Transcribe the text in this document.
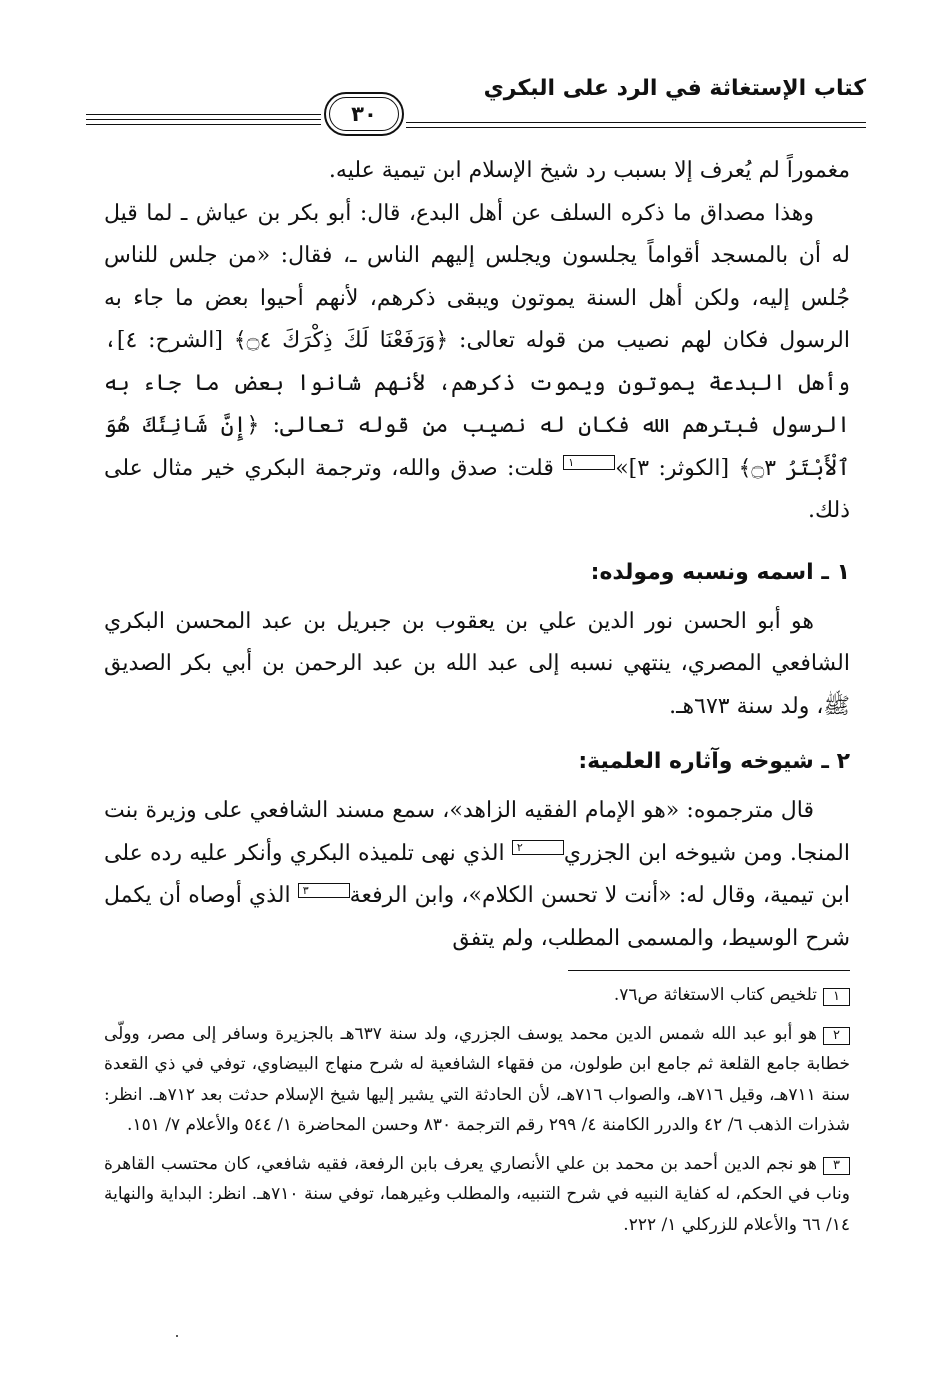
٣٠
كتاب الإستغاثة في الرد على البكري

مغموراً لم يُعرف إلا بسبب رد شيخ الإسلام ابن تيمية عليه.

وهذا مصداق ما ذكره السلف عن أهل البدع، قال: أبو بكر بن عياش ـ لما قيل له أن بالمسجد أقواماً يجلسون ويجلس إليهم الناس ـ، فقال: «من جلس للناس جُلس إليه، ولكن أهل السنة يموتون ويبقى ذكرهم، لأنهم أحيوا بعض ما جاء به الرسول فكان لهم نصيب من قوله تعالى: ﴿وَرَفَعْنَا لَكَ ذِكْرَكَ ۝٤﴾ [الشرح: ٤]، وأهل البدعة يموتون ويموت ذكرهم، لأنهم شانوا بعض ما جاء به الرسول فبترهم الله فكان له نصيب من قوله تعالى: ﴿إِنَّ شَانِئَكَ هُوَ ٱلْأَبْتَرُ ۝٣﴾ [الكوثر: ٣]»١ قلت: صدق والله، وترجمة البكري خير مثال على ذلك.

١ ـ اسمه ونسبه ومولده:

هو أبو الحسن نور الدين علي بن يعقوب بن جبريل بن عبد المحسن البكري الشافعي المصري، ينتهي نسبه إلى عبد الله بن عبد الرحمن بن أبي بكر الصديق ﷺ، ولد سنة ٦٧٣هـ.

٢ ـ شيوخه وآثاره العلمية:

قال مترجموه: «هو الإمام الفقيه الزاهد»، سمع مسند الشافعي على وزيرة بنت المنجا. ومن شيوخه ابن الجزري٢ الذي نهى تلميذه البكري وأنكر عليه رده على ابن تيمية، وقال له: «أنت لا تحسن الكلام»، وابن الرفعة٣ الذي أوصاه أن يكمل شرح الوسيط، والمسمى المطلب، ولم يتفق

١تلخيص كتاب الاستغاثة ص٧٦.

٢هو أبو عبد الله شمس الدين محمد يوسف الجزري، ولد سنة ٦٣٧هـ بالجزيرة وسافر إلى مصر، وولّى خطابة جامع القلعة ثم جامع ابن طولون، من فقهاء الشافعية له شرح منهاج البيضاوي، توفي في ذي القعدة سنة ٧١١هـ، وقيل ٧١٦هـ، والصواب ٧١٦هـ، لأن الحادثة التي يشير إليها شيخ الإسلام حدثت بعد ٧١٢هـ. انظر: شذرات الذهب ٦/ ٤٢ والدرر الكامنة ٤/ ٢٩٩ رقم الترجمة ٨٣٠ وحسن المحاضرة ١/ ٥٤٤ والأعلام ٧/ ١٥١.

٣هو نجم الدين أحمد بن محمد بن علي الأنصاري يعرف بابن الرفعة، فقيه شافعي، كان محتسب القاهرة وناب في الحكم، له كفاية النبيه في شرح التنبيه، والمطلب وغيرهما، توفي سنة ٧١٠هـ. انظر: البداية والنهاية ١٤/ ٦٦ والأعلام للزركلي ١/ ٢٢٢.
